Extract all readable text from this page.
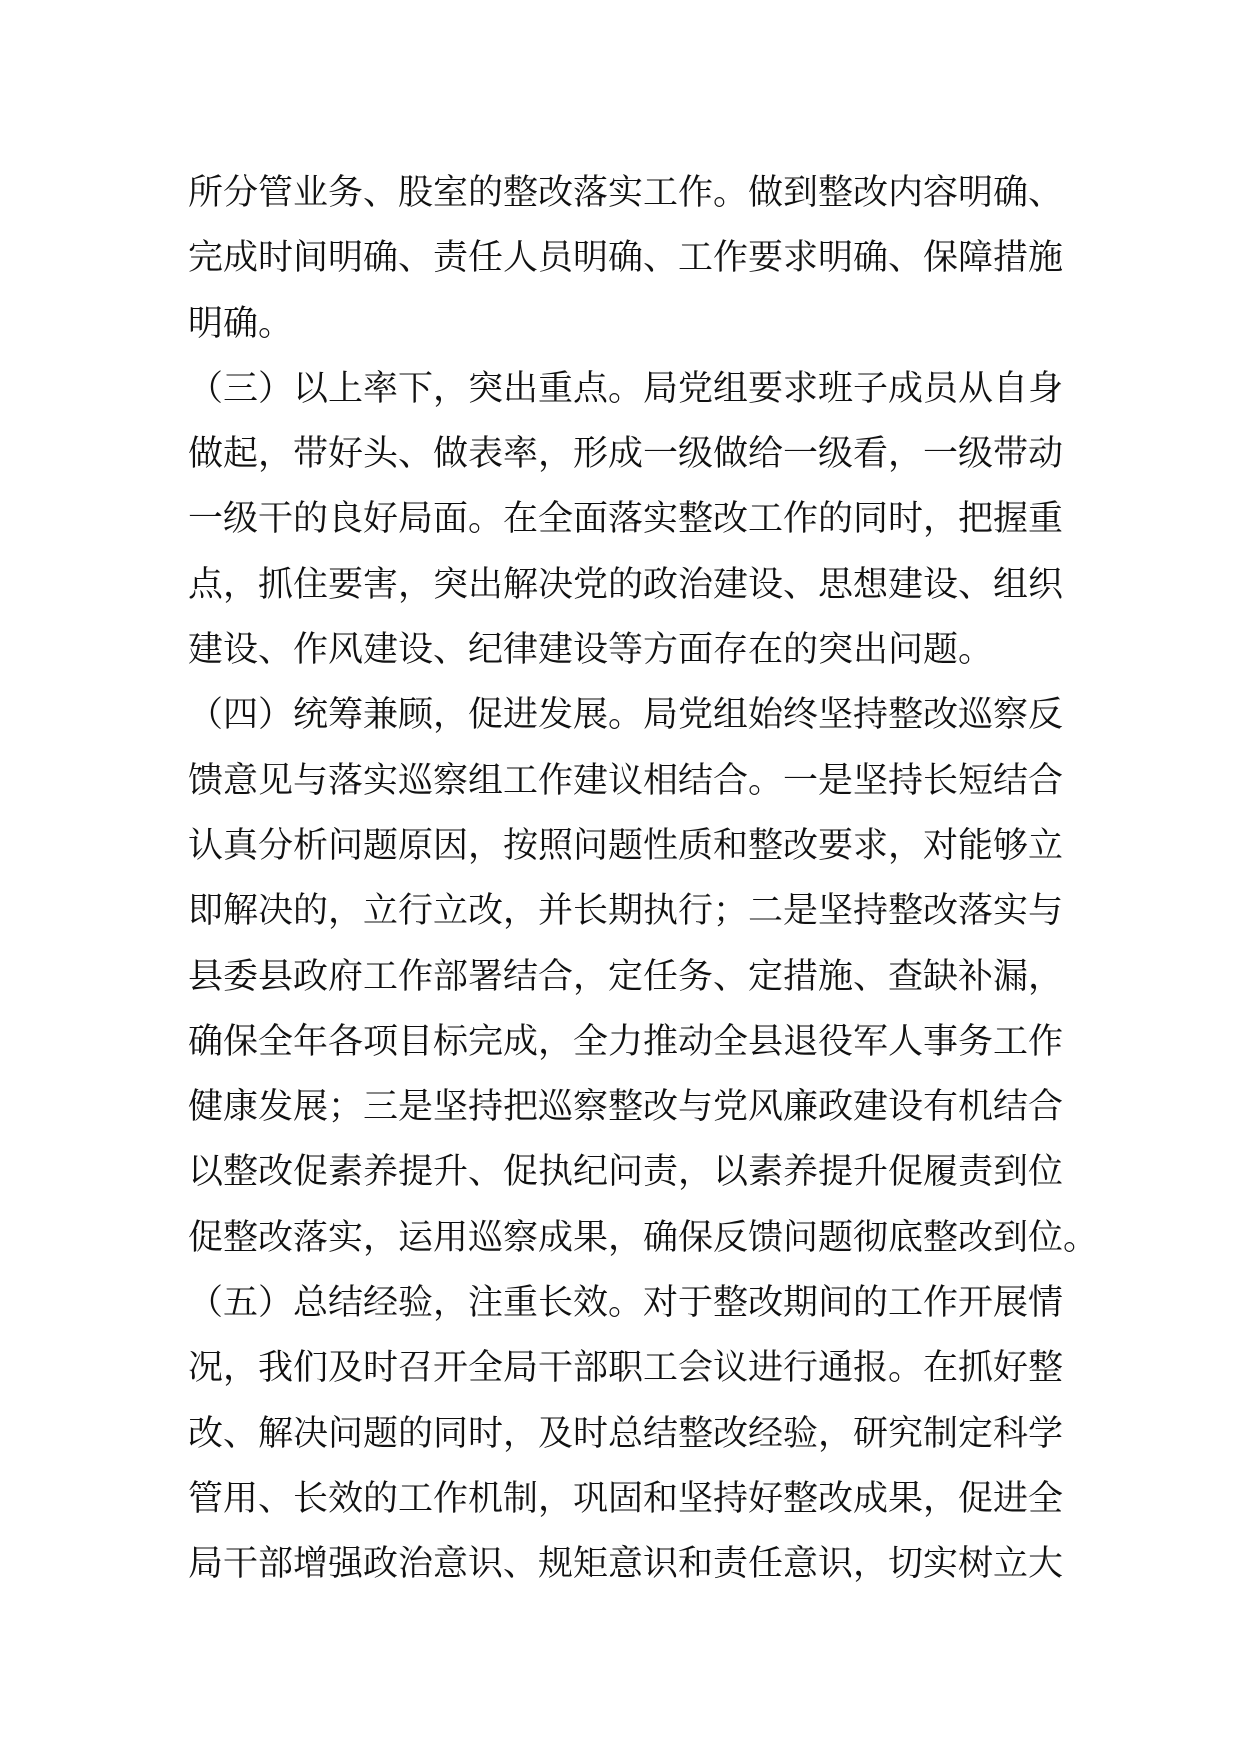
所分管业务、股室的整改落实工作。做到整改内容明确、
完成时间明确、责任人员明确、工作要求明确、保障措施
明确。
（三）以上率下，突出重点。局党组要求班子成员从自身
做起，带好头、做表率，形成一级做给一级看，一级带动
一级干的良好局面。在全面落实整改工作的同时，把握重
点，抓住要害，突出解决党的政治建设、思想建设、组织
建设、作风建设、纪律建设等方面存在的突出问题。
（四）统筹兼顾，促进发展。局党组始终坚持整改巡察反
馈意见与落实巡察组工作建议相结合。一是坚持长短结合
认真分析问题原因，按照问题性质和整改要求，对能够立
即解决的，立行立改，并长期执行；二是坚持整改落实与
县委县政府工作部署结合，定任务、定措施、查缺补漏，
确保全年各项目标完成，全力推动全县退役军人事务工作
健康发展；三是坚持把巡察整改与党风廉政建设有机结合
以整改促素养提升、促执纪问责，以素养提升促履责到位
促整改落实，运用巡察成果，确保反馈问题彻底整改到位。
（五）总结经验，注重长效。对于整改期间的工作开展情
况，我们及时召开全局干部职工会议进行通报。在抓好整
改、解决问题的同时，及时总结整改经验，研究制定科学
管用、长效的工作机制，巩固和坚持好整改成果，促进全
局干部增强政治意识、规矩意识和责任意识，切实树立大
